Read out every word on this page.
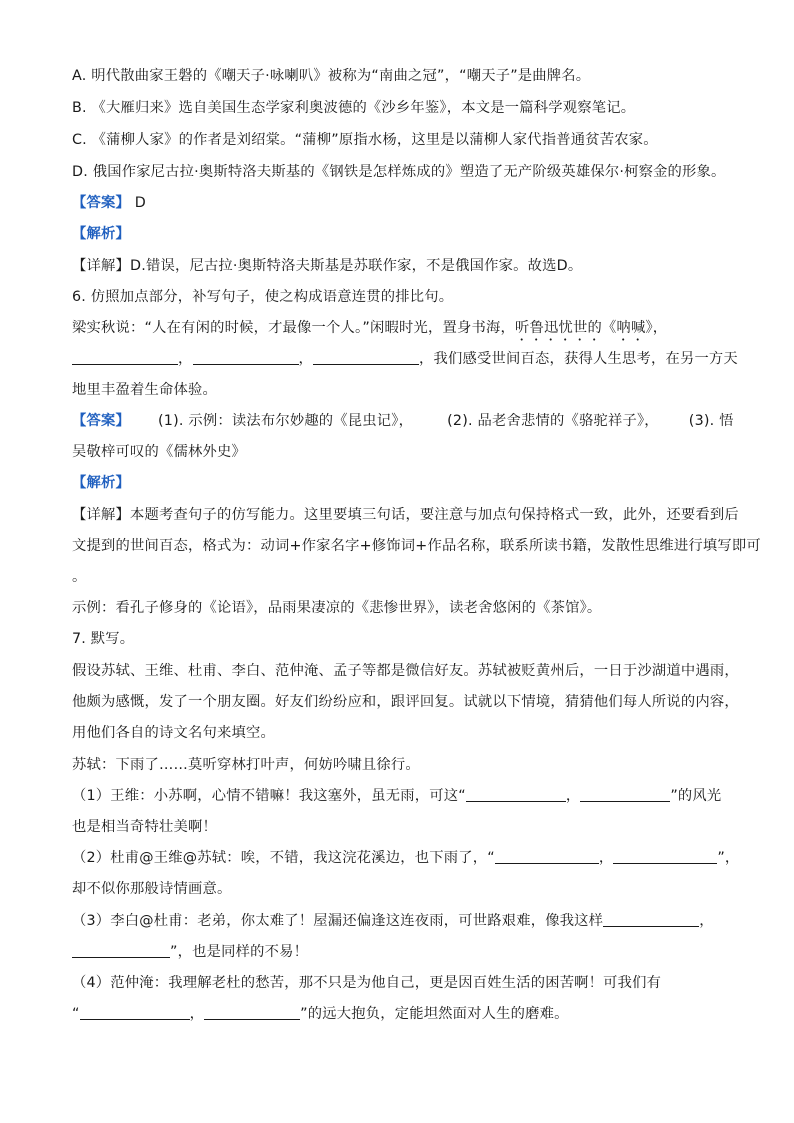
A. 明代散曲家王磐的《嘲天子·咏喇叭》被称为“南曲之冠”，“嘲天子”是曲牌名。
B. 《大雁归来》选自美国生态学家利奥波德的《沙乡年鉴》，本文是一篇科学观察笔记。
C. 《蒲柳人家》的作者是刘绍棠。“蒲柳”原指水杨，这里是以蒲柳人家代指普通贫苦农家。
D. 俄国作家尼古拉·奥斯特洛夫斯基的《钢铁是怎样炼成的》塑造了无产阶级英雄保尔·柯察金的形象。
【答案】 D
【解析】
【详解】D.错误，尼古拉·奥斯特洛夫斯基是苏联作家，不是俄国作家。故选D。
6. 仿照加点部分，补写句子，使之构成语意连贯的排比句。
梁实秋说：“人在有闲的时候，才最像一个人。”闲暇时光，置身书海，听鲁迅忧世的《呐喊》，
，	，	，我们感受世间百态，获得人生思考，在另一方天
地里丰盈着生命体验。
【答案】 (1). 示例：读法布尔妙趣的《昆虫记》， (2). 品老舍悲情的《骆驼祥子》， (3). 悟
吴敬梓可叹的《儒林外史》
【解析】
【详解】本题考查句子的仿写能力。这里要填三句话，要注意与加点句保持格式一致，此外，还要看到后
文提到的世间百态，格式为：动词+作家名字+修饰词+作品名称，联系所读书籍，发散性思维进行填写即可
。
示例：看孔子修身的《论语》，品雨果凄凉的《悲惨世界》，读老舍悠闲的《茶馆》。
7. 默写。
假设苏轼、王维、杜甫、李白、范仲淹、孟子等都是微信好友。苏轼被贬黄州后，一日于沙湖道中遇雨，
他颇为感慨，发了一个朋友圈。好友们纷纷应和，跟评回复。试就以下情境，猜猜他们每人所说的内容，
用他们各自的诗文名句来填空。
苏轼：下雨了……莫听穿林打叶声，何妨吟啸且徐行。
（1）王维：小苏啊，心情不错嘛！我这塞外，虽无雨，可这“	，	”的风光
也是相当奇特壮美啊！
（2）杜甫@王维@苏轼：唉，不错，我这浣花溪边，也下雨了，“	，	”，
却不似你那般诗情画意。
（3）李白@杜甫：老弟，你太难了！屋漏还偏逢这连夜雨，可世路艰难，像我这样	，
”，也是同样的不易！
（4）范仲淹：我理解老杜的愁苦，那不只是为他自己，更是因百姓生活的困苦啊！可我们有
“	，	”的远大抱负，定能坦然面对人生的磨难。
